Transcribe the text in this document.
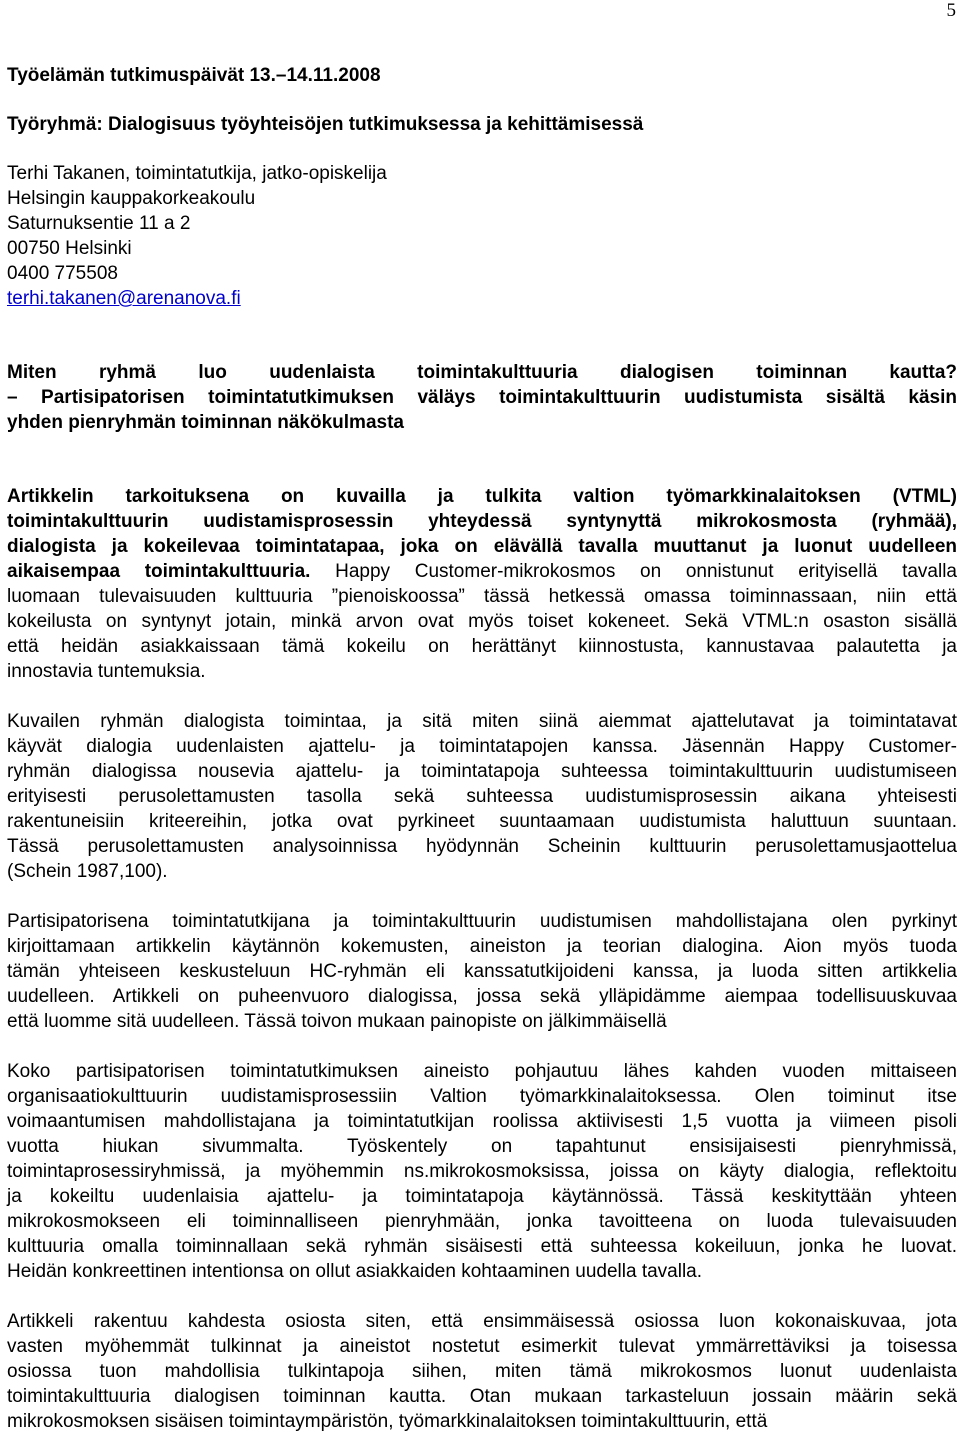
5
Työelämän tutkimuspäivät 13.–14.11.2008
Työryhmä: Dialogisuus työyhteisöjen tutkimuksessa ja kehittämisessä
Terhi Takanen, toimintatutkija, jatko-opiskelija
Helsingin kauppakorkeakoulu
Saturnuksentie 11 a 2
00750 Helsinki
0400 775508
terhi.takanen@arenanova.fi
Miten ryhmä luo uudenlaista toimintakulttuuria dialogisen toiminnan kautta?
– Partisipatorisen toimintatutkimuksen väläys toimintakulttuurin uudistumista sisältä käsin
yhden pienryhmän toiminnan näkökulmasta
Artikkelin tarkoituksena on kuvailla ja tulkita valtion työmarkkinalaitoksen (VTML)
toimintakulttuurin uudistamisprosessin yhteydessä syntynyttä mikrokosmosta (ryhmää),
dialogista ja kokeilevaa toimintatapaa, joka on elävällä tavalla muuttanut ja luonut uudelleen
aikaisempaa toimintakulttuuria. Happy Customer-mikrokosmos on onnistunut erityisellä tavalla
luomaan tulevaisuuden kulttuuria ”pienoiskoossa” tässä hetkessä omassa toiminnassaan, niin että
kokeilusta on syntynyt jotain, minkä arvon ovat myös toiset kokeneet. Sekä VTML:n osaston sisällä
että heidän asiakkaissaan tämä kokeilu on herättänyt kiinnostusta, kannustavaa palautetta ja
innostavia tuntemuksia.
Kuvailen ryhmän dialogista toimintaa, ja sitä miten siinä aiemmat ajattelutavat ja toimintatavat
käyvät dialogia uudenlaisten ajattelu- ja toimintatapojen kanssa. Jäsennän Happy Customer-
ryhmän dialogissa nousevia ajattelu- ja toimintatapoja suhteessa toimintakulttuurin uudistumiseen
erityisesti perusolettamusten tasolla sekä suhteessa uudistumisprosessin aikana yhteisesti
rakentuneisiin kriteereihin, jotka ovat pyrkineet suuntaamaan uudistumista haluttuun suuntaan.
Tässä perusolettamusten analysoinnissa hyödynnän Scheinin kulttuurin perusolettamusjaottelua
(Schein 1987,100).
Partisipatorisena toimintatutkijana ja toimintakulttuurin uudistumisen mahdollistajana olen pyrkinyt
kirjoittamaan artikkelin käytännön kokemusten, aineiston ja teorian dialogina. Aion myös tuoda
tämän yhteiseen keskusteluun HC-ryhmän eli kanssatutkijoideni kanssa, ja luoda sitten artikkelia
uudelleen. Artikkeli on puheenvuoro dialogissa, jossa sekä ylläpidämme aiempaa todellisuuskuvaa
että luomme sitä uudelleen. Tässä toivon mukaan painopiste on jälkimmäisellä
Koko partisipatorisen toimintatutkimuksen aineisto pohjautuu lähes kahden vuoden mittaiseen
organisaatiokulttuurin uudistamisprosessiin Valtion työmarkkinalaitoksessa. Olen toiminut itse
voimaantumisen mahdollistajana ja toimintatutkijan roolissa aktiivisesti 1,5 vuotta ja viimeen pisoli
vuotta hiukan sivummalta. Työskentely on tapahtunut ensisijaisesti pienryhmissä,
toimintaprosessiryhmissä, ja myöhemmin ns.mikrokosmoksissa, joissa on käyty dialogia, reflektoitu
ja kokeiltu uudenlaisia ajattelu- ja toimintatapoja käytännössä. Tässä keskityttään yhteen
mikrokosmokseen eli toiminnalliseen pienryhmään, jonka tavoitteena on luoda tulevaisuuden
kulttuuria omalla toiminnallaan sekä ryhmän sisäisesti että suhteessa kokeiluun, jonka he luovat.
Heidän konkreettinen intentionsa on ollut asiakkaiden kohtaaminen uudella tavalla.
Artikkeli rakentuu kahdesta osiosta siten, että ensimmäisessä osiossa luon kokonaiskuvaa, jota
vasten myöhemmät tulkinnat ja aineistot nostetut esimerkit tulevat ymmärrettäviksi ja toisessa
osiossa tuon mahdollisia tulkintapoja siihen, miten tämä mikrokosmos luonut uudenlaista
toimintakulttuuria dialogisen toiminnan kautta. Otan mukaan tarkasteluun jossain määrin sekä
mikrokosmoksen sisäisen toimintaympäristön, työmarkkinalaitoksen toimintakulttuurin, että
